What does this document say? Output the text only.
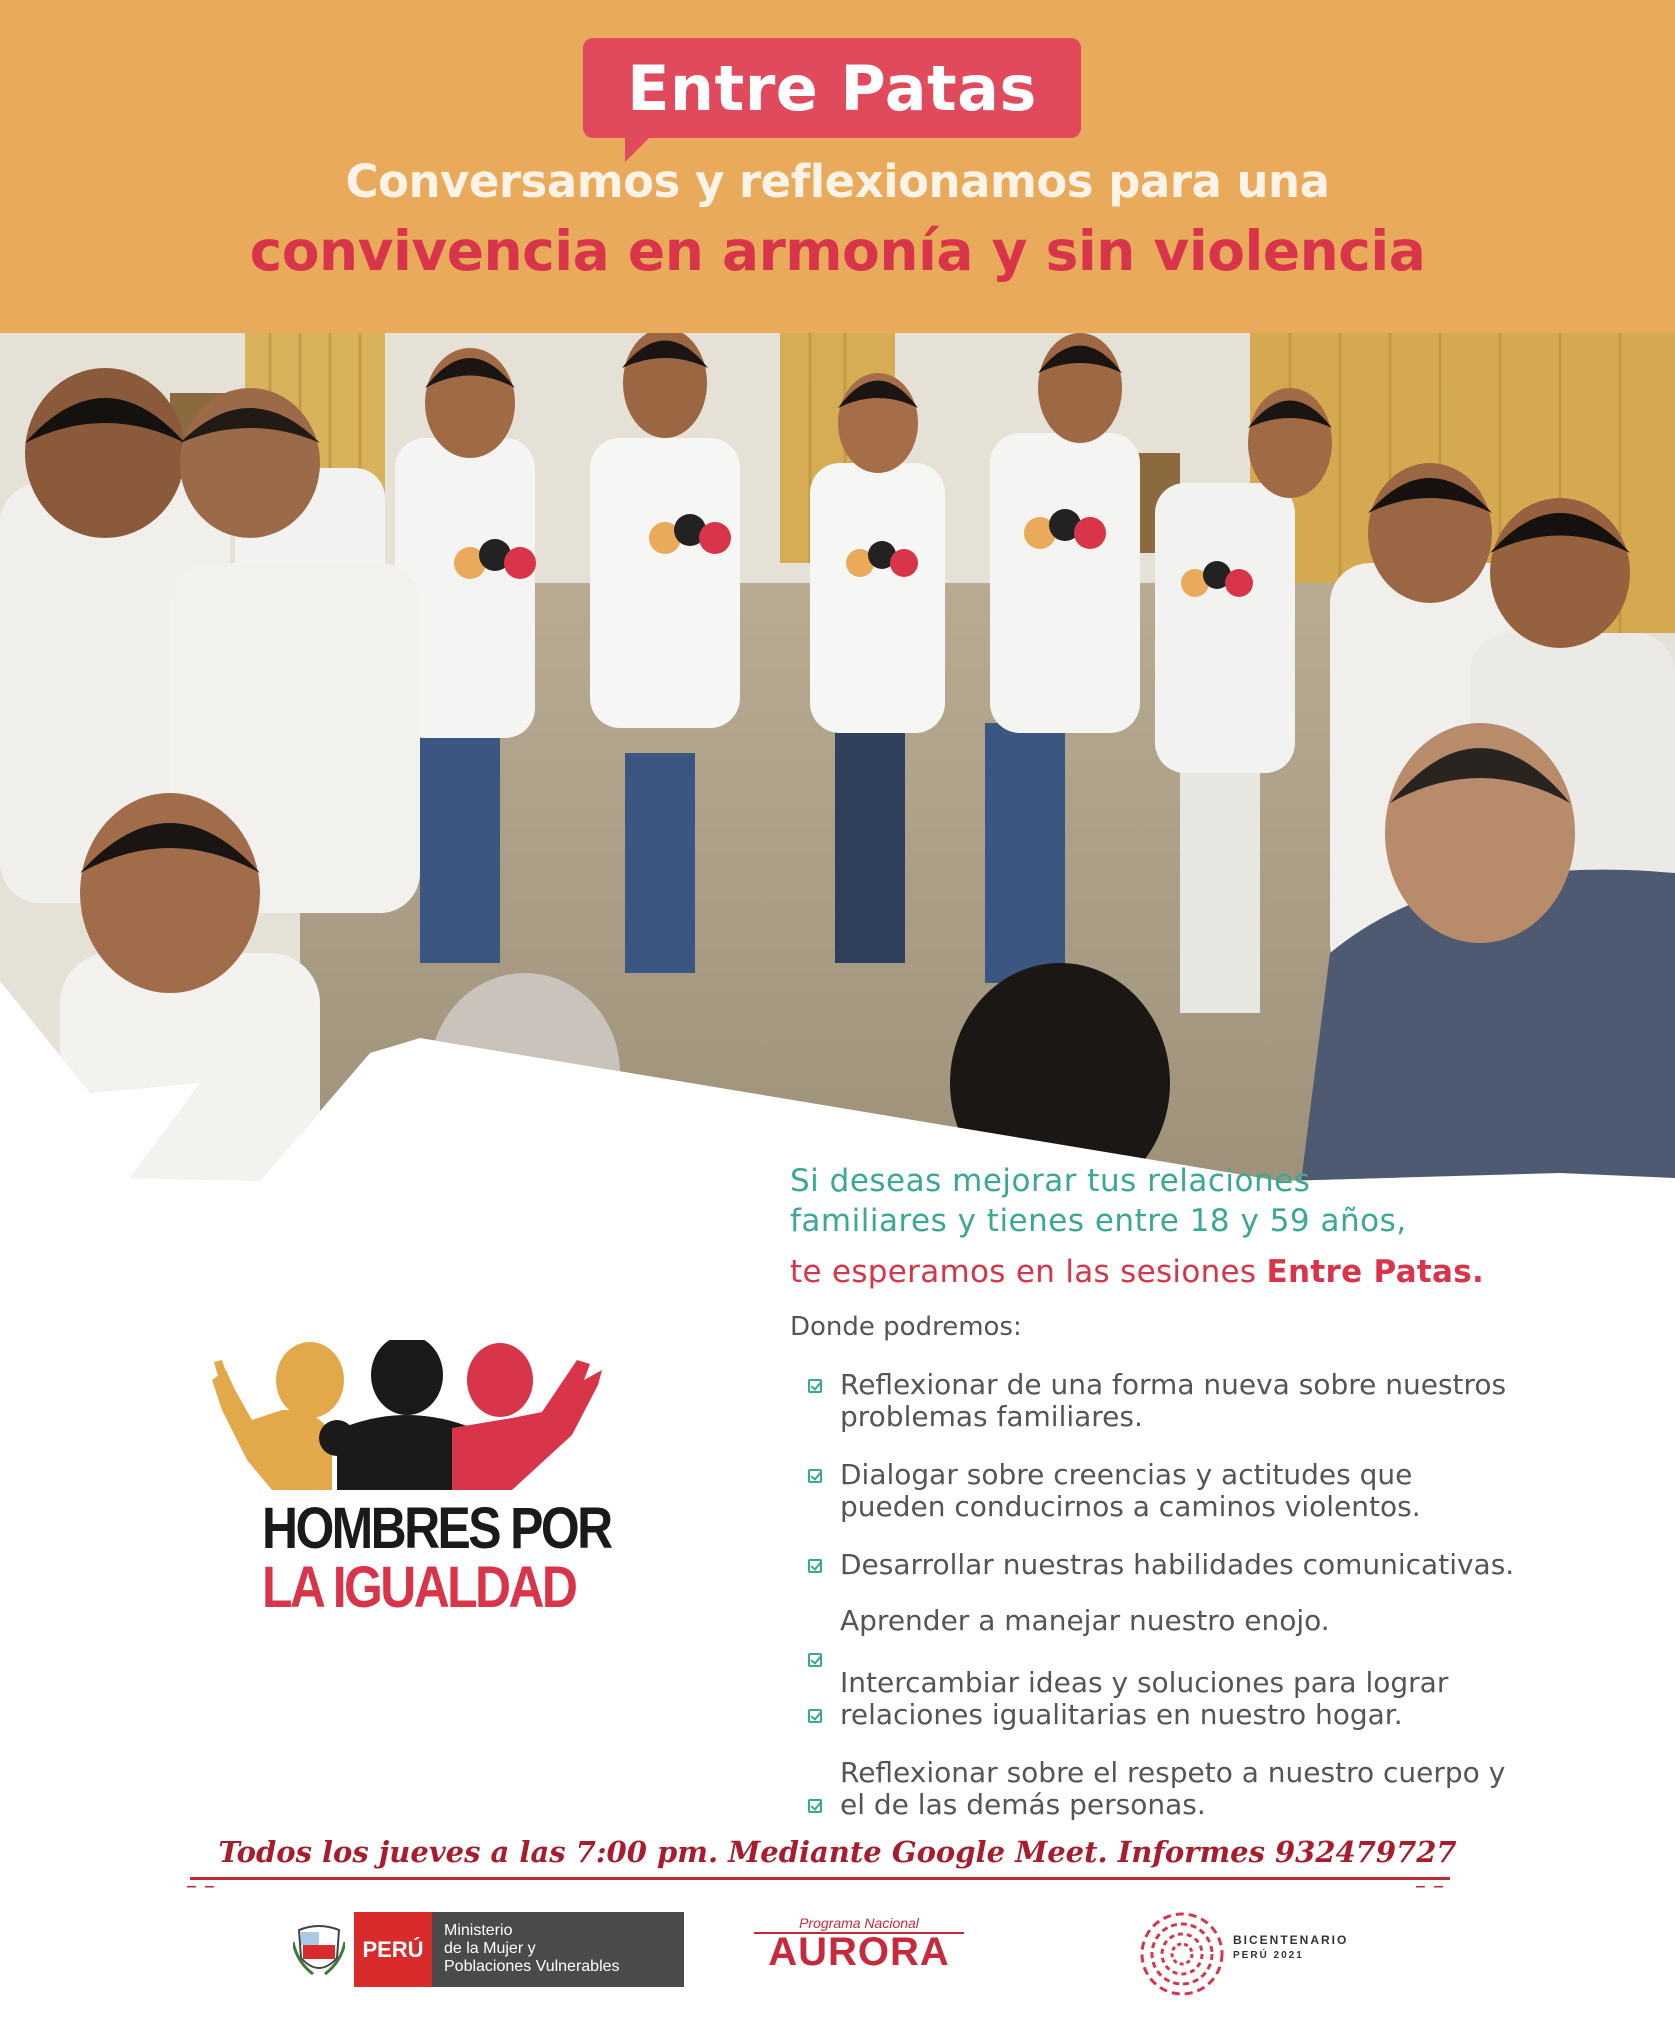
Entre Patas
Conversamos y reflexionamos para una
convivencia en armonía y sin violencia
Si deseas mejorar tus relaciones
familiares y tienes entre 18 y 59 años,
te esperamos en las sesiones Entre Patas.
Donde podremos:
Reflexionar de una forma nueva sobre nuestros
problemas familiares.
Dialogar sobre creencias y actitudes que
pueden conducirnos a caminos violentos.
Desarrollar nuestras habilidades comunicativas.
Aprender a manejar nuestro enojo.
Intercambiar ideas y soluciones para lograr
relaciones igualitarias en nuestro hogar.
Reflexionar sobre el respeto a nuestro cuerpo y
el de las demás personas.
HOMBRES POR
LA IGUALDAD
Todos los jueves a las 7:00 pm. Mediante Google Meet. Informes 932479727
– –	– –
PERÚ
Ministerio
de la Mujer y
Poblaciones Vulnerables
Programa Nacional
AURORA	BICENTENARIO
PERÚ 2021
